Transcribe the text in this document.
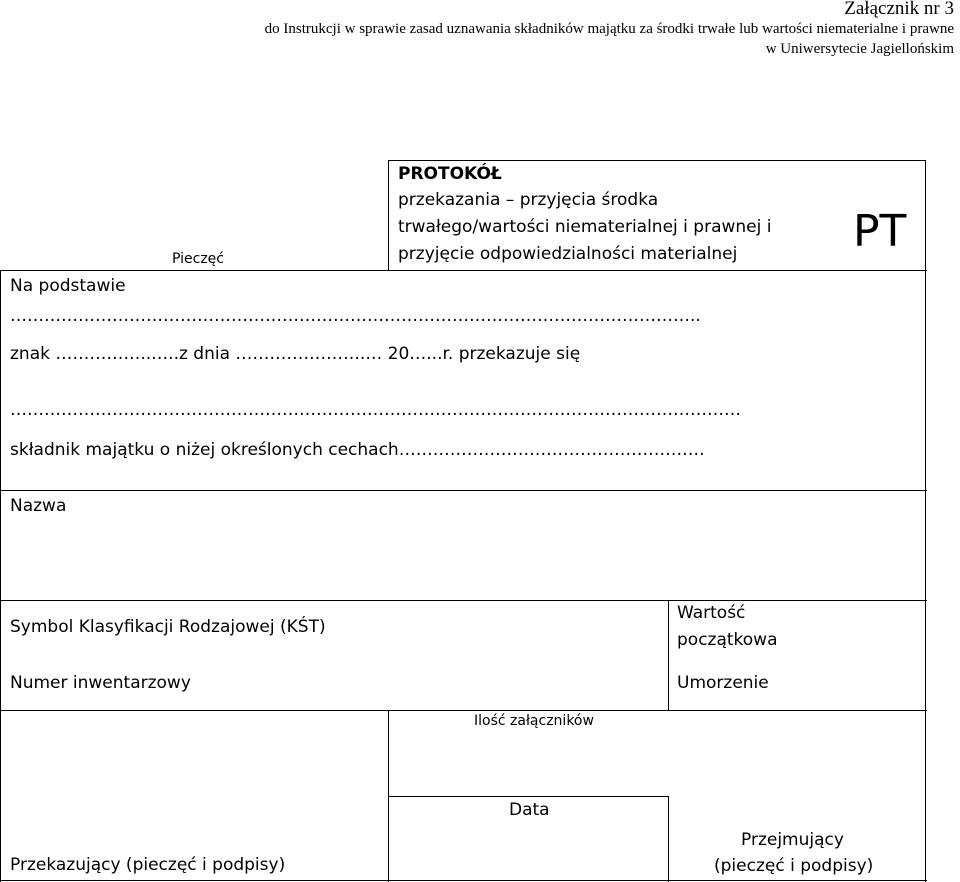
Załącznik nr 3
do Instrukcji w sprawie zasad uznawania składników majątku za środki trwałe lub wartości niematerialne i prawne
w Uniwersytecie Jagiellońskim
Pieczęć
PROTOKÓŁ
przekazania – przyjęcia środka
trwałego/wartości niematerialnej i prawnej i
przyjęcie odpowiedzialności materialnej	PT
Na podstawie
…………………………………………………………………………………………………………..
znak ……………..…..z dnia …………………..… 20…...r. przekazuje się
…………………………………………………………………………………………………………………
składnik majątku o niżej określonych cechach………………………………………………
Nazwa
Symbol Klasyfikacji Rodzajowej (KŚT)
Numer inwentarzowy
Wartość
początkowa
Umorzenie
Ilość załączników
Data
Przekazujący (pieczęć i podpisy)
Przejmujący
(pieczęć i podpisy)
